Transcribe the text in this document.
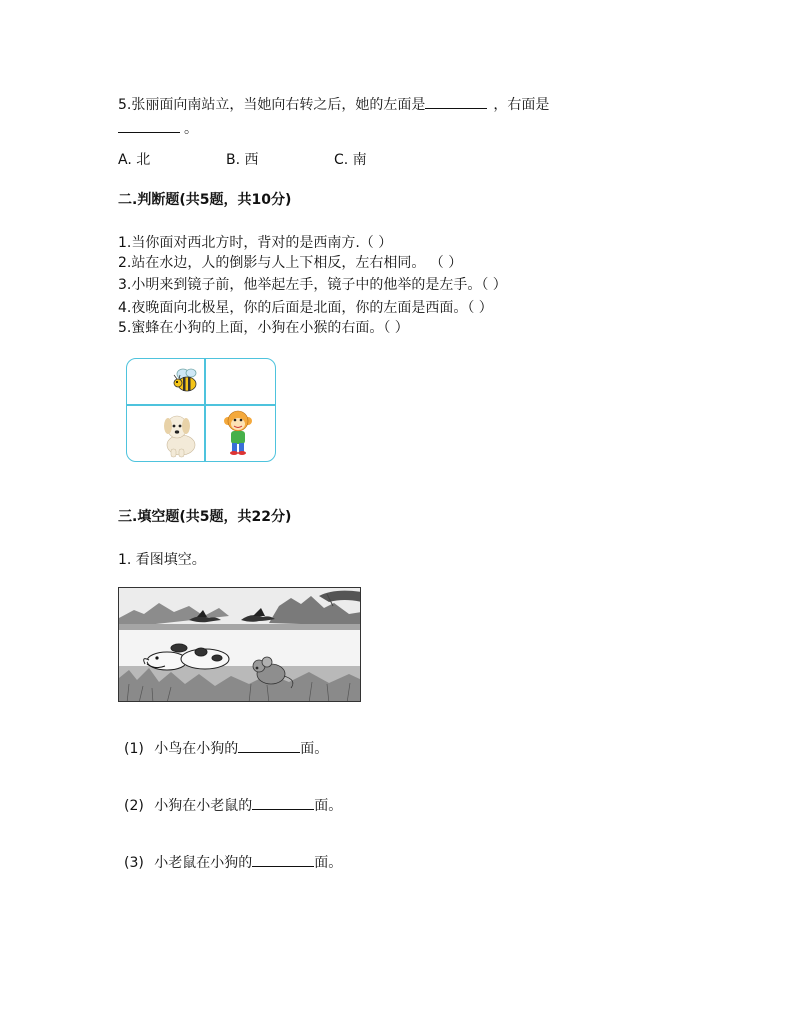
5.张丽面向南站立，当她向右转之后，她的左面是	，右面是
。
A. 北	B. 西	C. 南
二.判断题(共5题，共10分)
1.当你面对西北方时，背对的是西南方.（ ）
2.站在水边，人的倒影与人上下相反，左右相同。 （ ）
3.小明来到镜子前，他举起左手，镜子中的他举的是左手。（ ）
4.夜晚面向北极星，你的后面是北面，你的左面是西面。（ ）
5.蜜蜂在小狗的上面，小狗在小猴的右面。（ ）
三.填空题(共5题，共22分)
1. 看图填空。
(1) 小鸟在小狗的	面。
(2) 小狗在小老鼠的	面。
(3) 小老鼠在小狗的	面。
